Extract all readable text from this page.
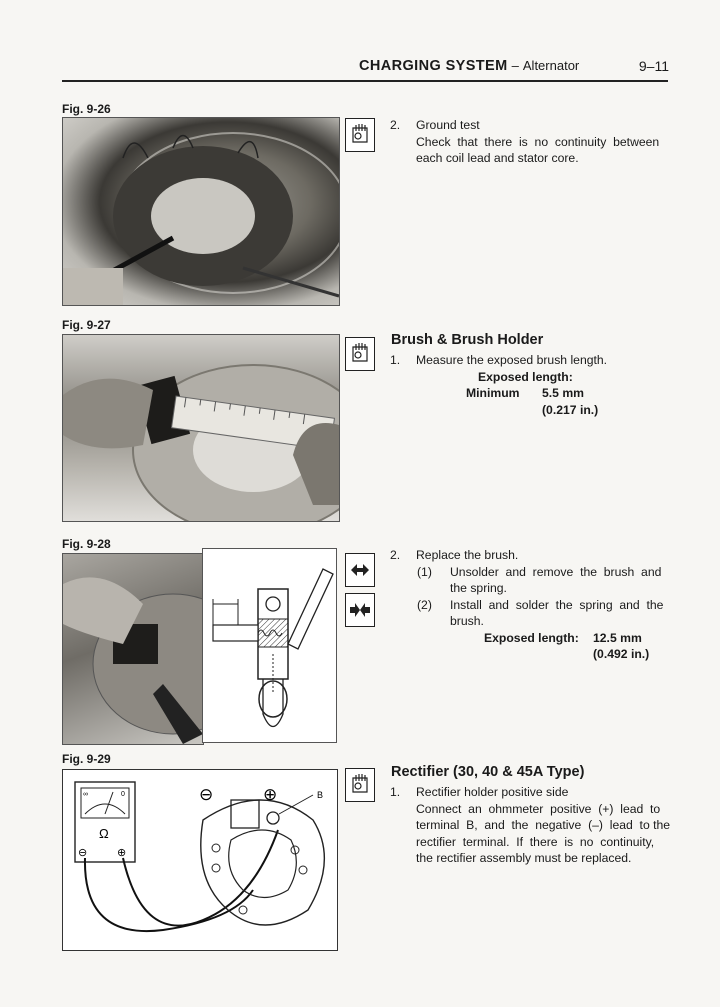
CHARGING SYSTEM – Alternator	9–11
Fig. 9-26
2. Ground test
Check  that  there  is  no  continuity  between
each coil lead and stator core.
Fig. 9-27
Brush & Brush Holder
1. Measure the exposed brush length.
Exposed length:
Minimum 5.5 mm
(0.217 in.)
Fig. 9-28
2. Replace the brush.
(1) Unsolder  and  remove  the  brush  and
the spring.
(2) Install  and  solder  the  spring  and  the
brush.
Exposed length: 12.5 mm
(0.492 in.)
Fig. 9-29
∞	0
Ω
⊖	⊕
⊖	⊕	B
Rectifier (30, 40 & 45A Type)
1. Rectifier holder positive side
Connect  an  ohmmeter  positive  (+)  lead  to
terminal  B,  and  the  negative  (–)  lead  to the
rectifier  terminal.  If  there  is  no  continuity,
the rectifier assembly must be replaced.
